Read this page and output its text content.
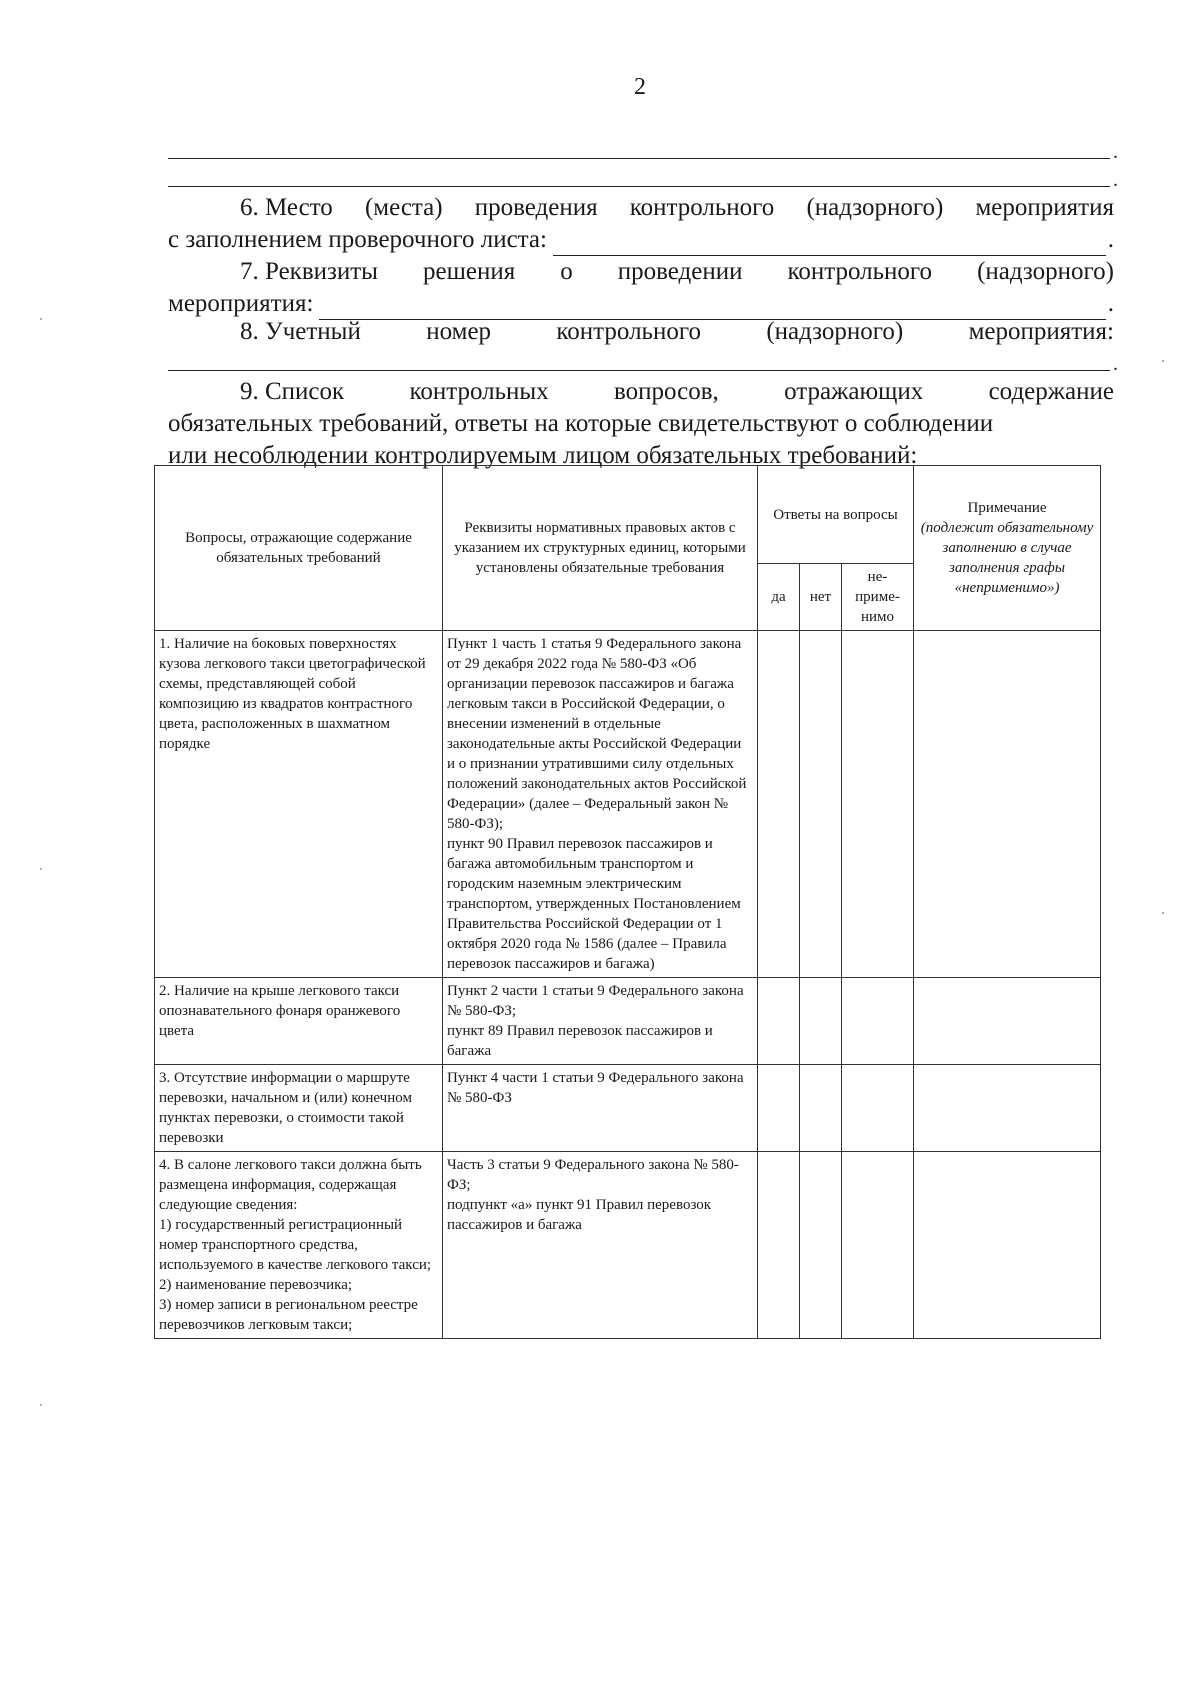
2
.
.
6. Место (места) проведения контрольного (надзорного) мероприятия
с заполнением проверочного листа:	.
7. Реквизиты решения о проведении контрольного (надзорного)
мероприятия:	.
8. Учетный	номер	контрольного	(надзорного)	мероприятия:
.
9. Список	контрольных	вопросов,	отражающих	содержание
обязательных требований, ответы на которые свидетельствуют о соблюдении
или несоблюдении контролируемым лицом обязательных требований:
Вопросы, отражающие содержание обязательных требований	Реквизиты нормативных правовых актов с указанием их структурных единиц, которыми установлены обязательные требования	Ответы на вопросы			Примечание
(подлежит обязательному заполнению в случае заполнения графы «неприменимо»)

		да	нет	не-
приме-
нимо	
1. Наличие на боковых поверхностях кузова легкового такси цветографической схемы, представляющей собой композицию из квадратов контрастного цвета, расположенных в шахматном порядке	Пункт 1 часть 1 статья 9 Федерального закона от 29 декабря 2022 года № 580-ФЗ «Об организации перевозок пассажиров и багажа легковым такси в Российской Федерации, о внесении изменений в отдельные законодательные акты Российской Федерации и о признании утратившими силу отдельных положений законодательных актов Российской Федерации» (далее – Федеральный закон № 580-ФЗ);
пункт 90 Правил перевозок пассажиров и багажа автомобильным транспортом и городским наземным электрическим транспортом, утвержденных Постановлением Правительства Российской Федерации от 1 октября 2020 года № 1586 (далее – Правила перевозок пассажиров и багажа)				
2. Наличие на крыше легкового такси опознавательного фонаря оранжевого цвета	Пункт 2 части 1 статьи 9 Федерального закона № 580-ФЗ;
пункт 89 Правил перевозок пассажиров и багажа				
3. Отсутствие информации о маршруте перевозки, начальном и (или) конечном пунктах перевозки, о стоимости такой перевозки	Пункт 4 части 1 статьи 9 Федерального закона № 580-ФЗ				
4. В салоне легкового такси должна быть размещена информация, содержащая следующие сведения:
1) государственный регистрационный номер транспортного средства, используемого в качестве легкового такси;
2) наименование перевозчика;
3) номер записи в региональном реестре перевозчиков легковым такси;	Часть 3 статьи 9 Федерального закона № 580-ФЗ;
подпункт «а» пункт 91 Правил перевозок пассажиров и багажа				
